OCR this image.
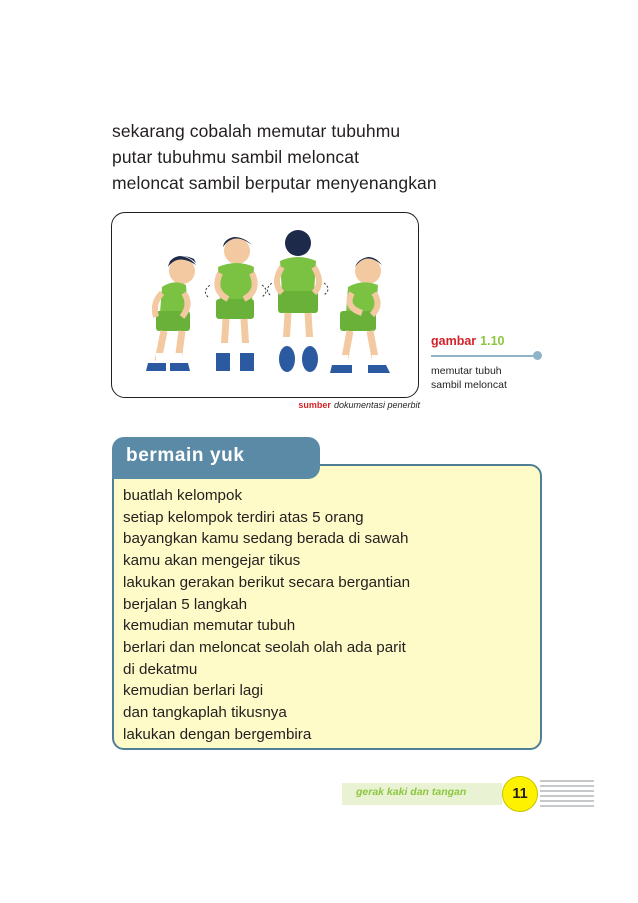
sekarang cobalah memutar tubuhmu
putar tubuhmu sambil meloncat
meloncat sambil berputar menyenangkan
sumber dokumentasi penerbit
gambar 1.10
memutar tubuh
sambil meloncat
bermain yuk
buatlah kelompok
setiap kelompok terdiri atas 5 orang
bayangkan kamu sedang berada di sawah
kamu akan mengejar tikus
lakukan gerakan berikut secara bergantian
berjalan 5 langkah
kemudian memutar tubuh
berlari dan meloncat seolah olah ada parit
di dekatmu
kemudian berlari lagi
dan tangkaplah tikusnya
lakukan dengan bergembira
gerak kaki dan tangan	11
